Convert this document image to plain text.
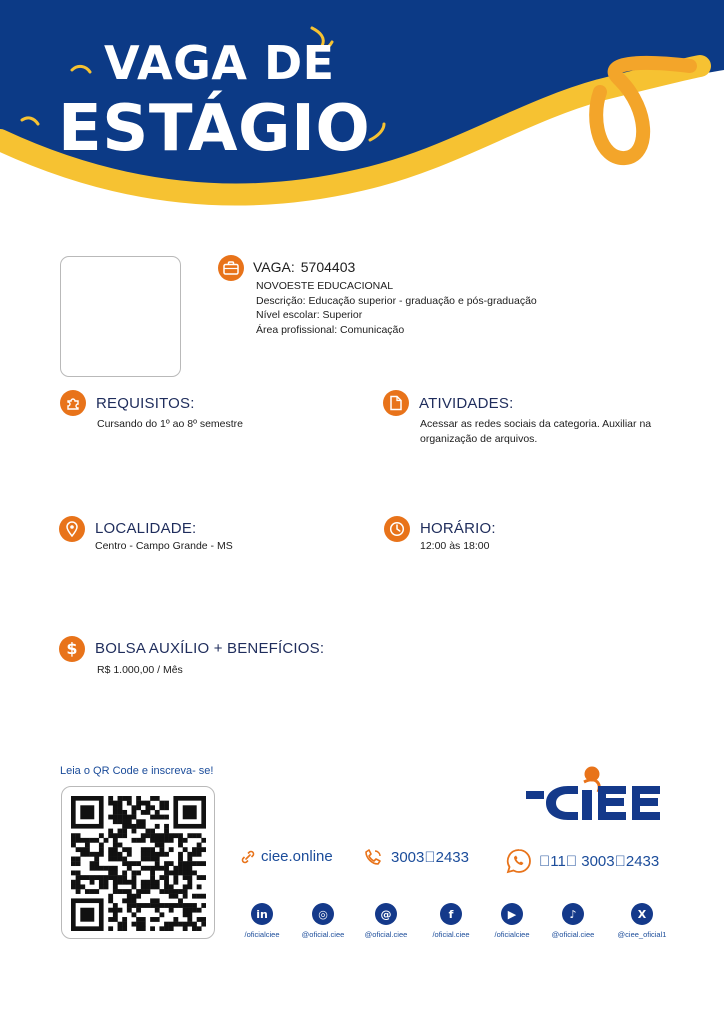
VAGA DE
ESTÁGIO
VAGA: 5704403
NOVOESTE EDUCACIONAL
Descrição: Educação superior - graduação e pós-graduação
Nível escolar: Superior
Área profissional: Comunicação
REQUISITOS:
Cursando do 1º ao 8º semestre
ATIVIDADES:
Acessar as redes sociais da categoria. Auxiliar na organização de arquivos.
LOCALIDADE:
Centro - Campo Grande - MS
HORÁRIO:
12:00 às 18:00
$ BOLSA AUXÍLIO + BENEFÍCIOS:
R$ 1.000,00 / Mês
Leia o QR Code e inscreva- se!
ciee.online	3003 2433	 11  3003 2433
in
/oficialciee
◎
@oficial.ciee
@
@oficial.ciee
f
/oficial.ciee
▶
/oficialciee
♪
@oficial.ciee
X
@ciee_oficial1
